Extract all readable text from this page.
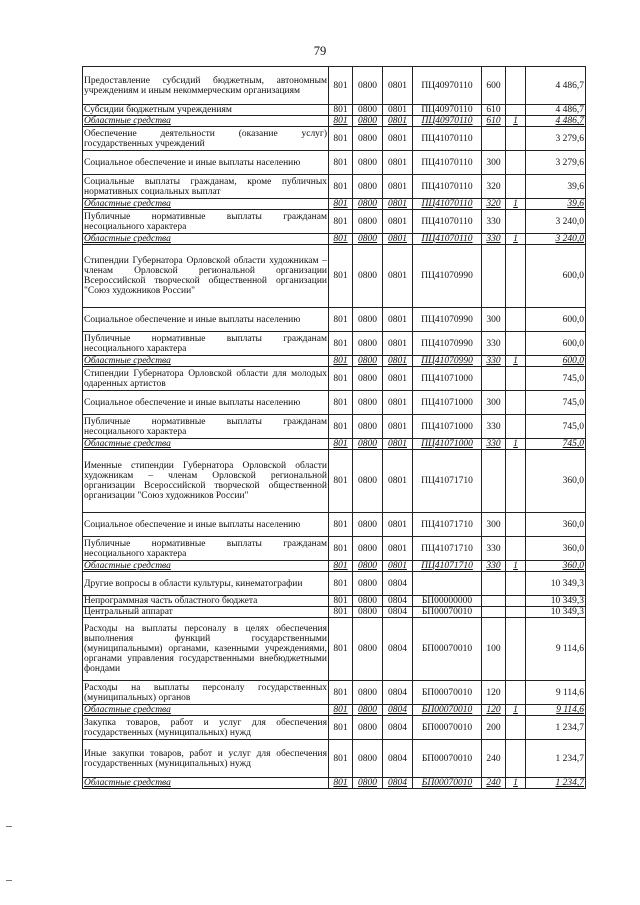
79
Предоставление субсидий бюджетным, автономным учреждениям и иным некоммерческим организациям	801	0800	0801	ПЦ40970110	600		4 486,7
Субсидии бюджетным учреждениям	801	0800	0801	ПЦ40970110	610		4 486,7
Областные средства	801	0800	0801	ПЦ40970110	610	1	4 486,7
Обеспечение деятельности (оказание услуг) государственных учреждений	801	0800	0801	ПЦ41070110			3 279,6
Социальное обеспечение и иные выплаты населению	801	0800	0801	ПЦ41070110	300		3 279,6
Социальные выплаты гражданам, кроме публичных нормативных социальных выплат	801	0800	0801	ПЦ41070110	320		39,6
Областные средства	801	0800	0801	ПЦ41070110	320	1	39,6
Публичные нормативные выплаты гражданам несоциального характера	801	0800	0801	ПЦ41070110	330		3 240,0
Областные средства	801	0800	0801	ПЦ41070110	330	1	3 240,0
Стипендии Губернатора Орловской области художникам – членам Орловской региональной организации Всероссийской творческой общественной организации "Союз художников России"	801	0800	0801	ПЦ41070990			600,0
Социальное обеспечение и иные выплаты населению	801	0800	0801	ПЦ41070990	300		600,0
Публичные нормативные выплаты гражданам несоциального характера	801	0800	0801	ПЦ41070990	330		600,0
Областные средства	801	0800	0801	ПЦ41070990	330	1	600,0
Стипендии Губернатора Орловской области для молодых одаренных артистов	801	0800	0801	ПЦ41071000			745,0
Социальное обеспечение и иные выплаты населению	801	0800	0801	ПЦ41071000	300		745,0
Публичные нормативные выплаты гражданам несоциального характера	801	0800	0801	ПЦ41071000	330		745,0
Областные средства	801	0800	0801	ПЦ41071000	330	1	745,0
Именные стипендии Губернатора Орловской области художникам – членам Орловской региональной организации Всероссийской творческой общественной организации "Союз художников России"	801	0800	0801	ПЦ41071710			360,0
Социальное обеспечение и иные выплаты населению	801	0800	0801	ПЦ41071710	300		360,0
Публичные нормативные выплаты гражданам несоциального характера	801	0800	0801	ПЦ41071710	330		360,0
Областные средства	801	0800	0801	ПЦ41071710	330	1	360,0
Другие вопросы в области культуры, кинематографии	801	0800	0804				10 349,3
Непрограммная часть областного бюджета	801	0800	0804	БП00000000			10 349,3
Центральный аппарат	801	0800	0804	БП00070010			10 349,3
Расходы на выплаты персоналу в целях обеспечения выполнения функций государственными (муниципальными) органами, казенными учреждениями, органами управления государственными внебюджетными фондами	801	0800	0804	БП00070010	100		9 114,6
Расходы на выплаты персоналу государственных (муниципальных) органов	801	0800	0804	БП00070010	120		9 114,6
Областные средства	801	0800	0804	БП00070010	120	1	9 114,6
Закупка товаров, работ и услуг для обеспечения государственных (муниципальных) нужд	801	0800	0804	БП00070010	200		1 234,7
Иные закупки товаров, работ и услуг для обеспечения государственных (муниципальных) нужд	801	0800	0804	БП00070010	240		1 234,7
Областные средства	801	0800	0804	БП00070010	240	1	1 234,7
